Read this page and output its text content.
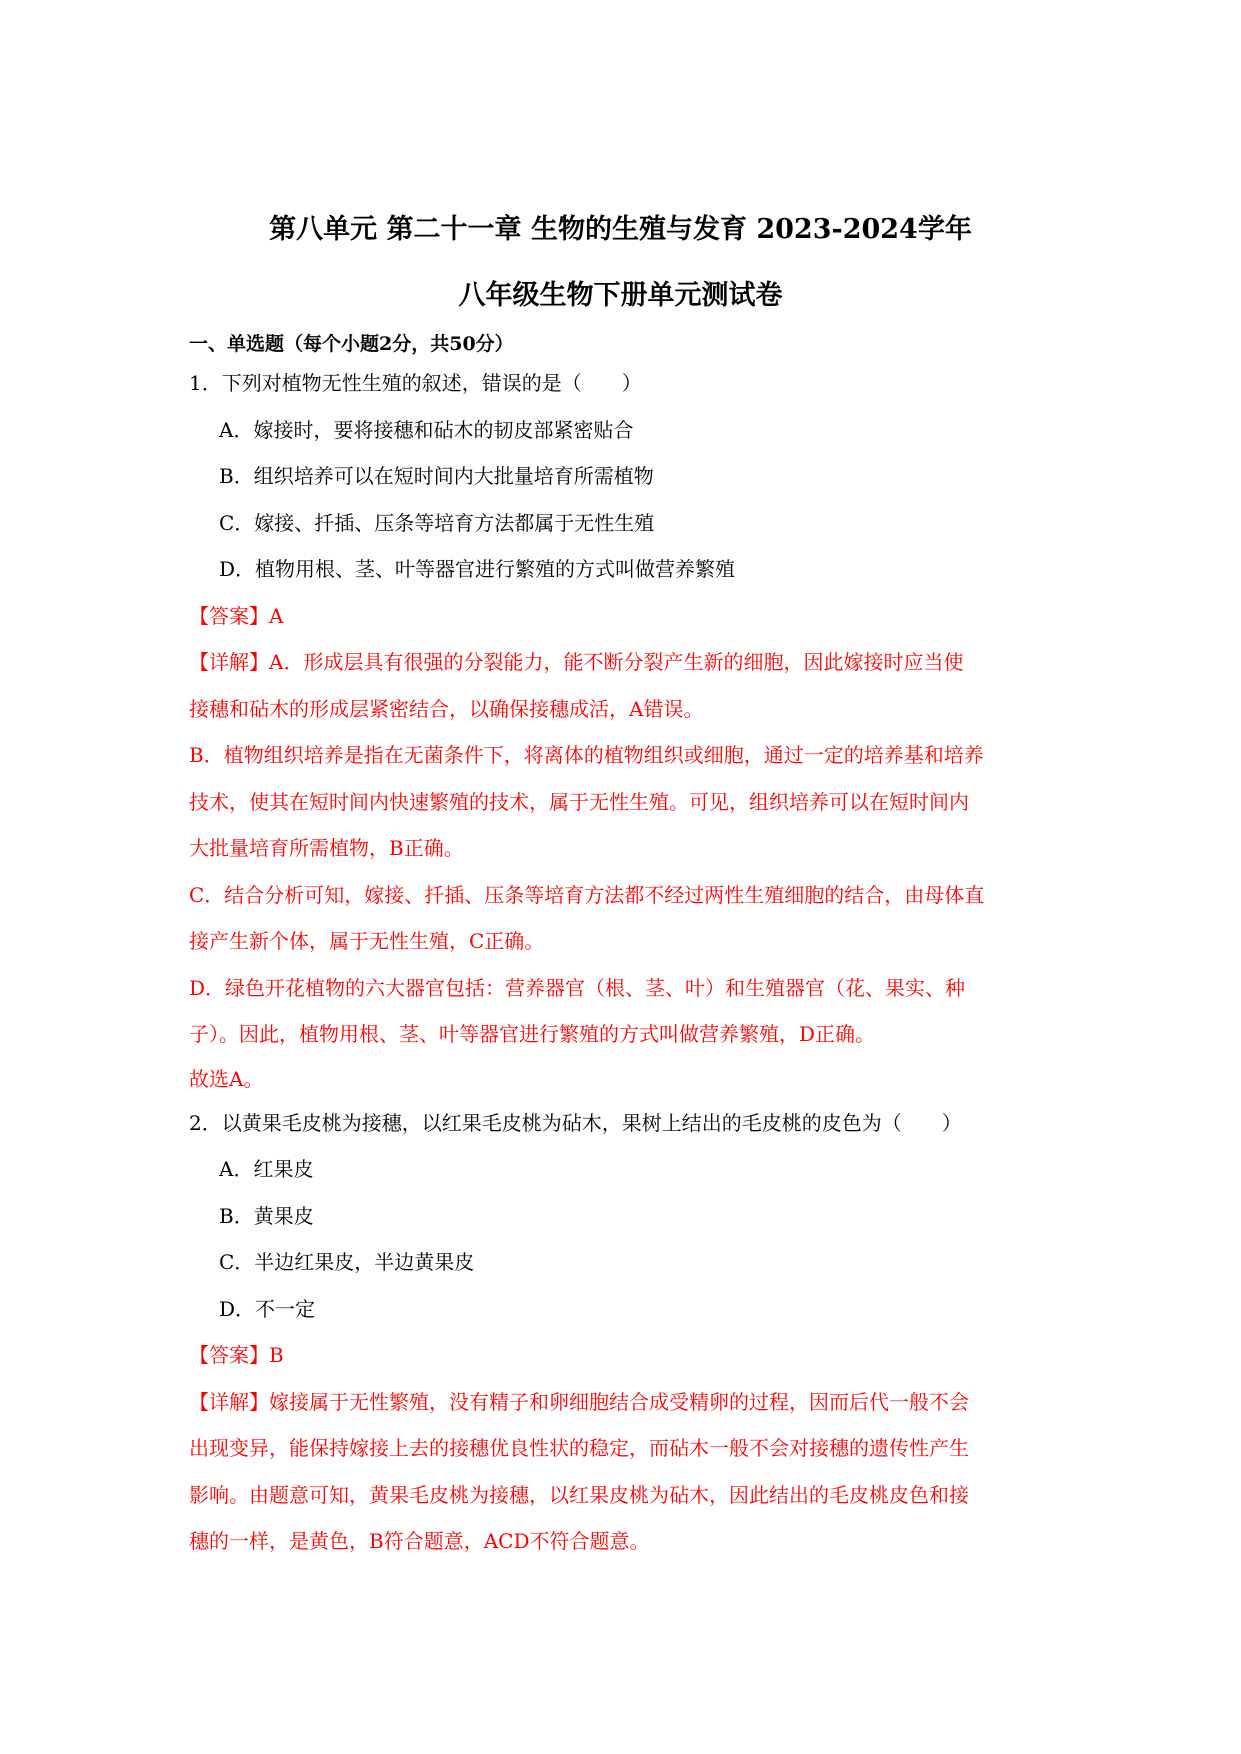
第八单元 第二十一章 生物的生殖与发育 2023-2024学年
八年级生物下册单元测试卷
一、单选题（每个小题2分，共50分）
1．下列对植物无性生殖的叙述，错误的是（　　）
A．嫁接时，要将接穗和砧木的韧皮部紧密贴合
B．组织培养可以在短时间内大批量培育所需植物
C．嫁接、扦插、压条等培育方法都属于无性生殖
D．植物用根、茎、叶等器官进行繁殖的方式叫做营养繁殖
【答案】A
【详解】A．形成层具有很强的分裂能力，能不断分裂产生新的细胞，因此嫁接时应当使
接穗和砧木的形成层紧密结合，以确保接穗成活，A错误。
B．植物组织培养是指在无菌条件下，将离体的植物组织或细胞，通过一定的培养基和培养
技术，使其在短时间内快速繁殖的技术，属于无性生殖。可见，组织培养可以在短时间内
大批量培育所需植物，B正确。
C．结合分析可知，嫁接、扦插、压条等培育方法都不经过两性生殖细胞的结合，由母体直
接产生新个体，属于无性生殖，C正确。
D．绿色开花植物的六大器官包括：营养器官（根、茎、叶）和生殖器官（花、果实、种
子）。因此，植物用根、茎、叶等器官进行繁殖的方式叫做营养繁殖，D正确。
故选A。
2．以黄果毛皮桃为接穗，以红果毛皮桃为砧木，果树上结出的毛皮桃的皮色为（　　）
A．红果皮
B．黄果皮
C．半边红果皮，半边黄果皮
D．不一定
【答案】B
【详解】嫁接属于无性繁殖，没有精子和卵细胞结合成受精卵的过程，因而后代一般不会
出现变异，能保持嫁接上去的接穗优良性状的稳定，而砧木一般不会对接穗的遗传性产生
影响。由题意可知，黄果毛皮桃为接穗，以红果皮桃为砧木，因此结出的毛皮桃皮色和接
穗的一样，是黄色，B符合题意，ACD不符合题意。
